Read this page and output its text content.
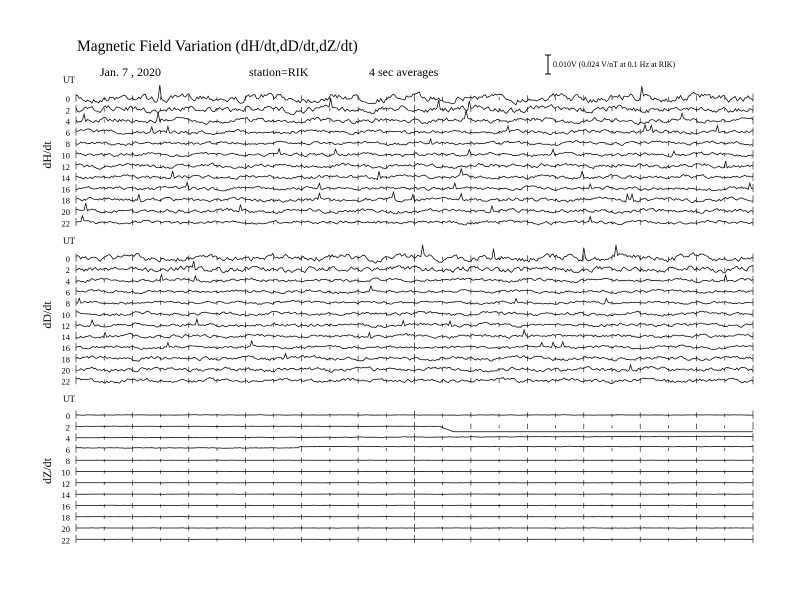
Magnetic Field Variation (dH/dt,dD/dt,dZ/dt)
Jan. 7 , 2020	station=RIK	4 sec averages
0.010V (0.024 V/nT at 0.1 Hz at RIK)
UT
dH/dt
0
2
4
6
8
10
12
14
16
18
20
22
UT
dD/dt
0
2
4
6
8
10
12
14
16
18
20
22
UT
dZ/dt
0
2
4
6
8
10
12
14
16
18
20
22
